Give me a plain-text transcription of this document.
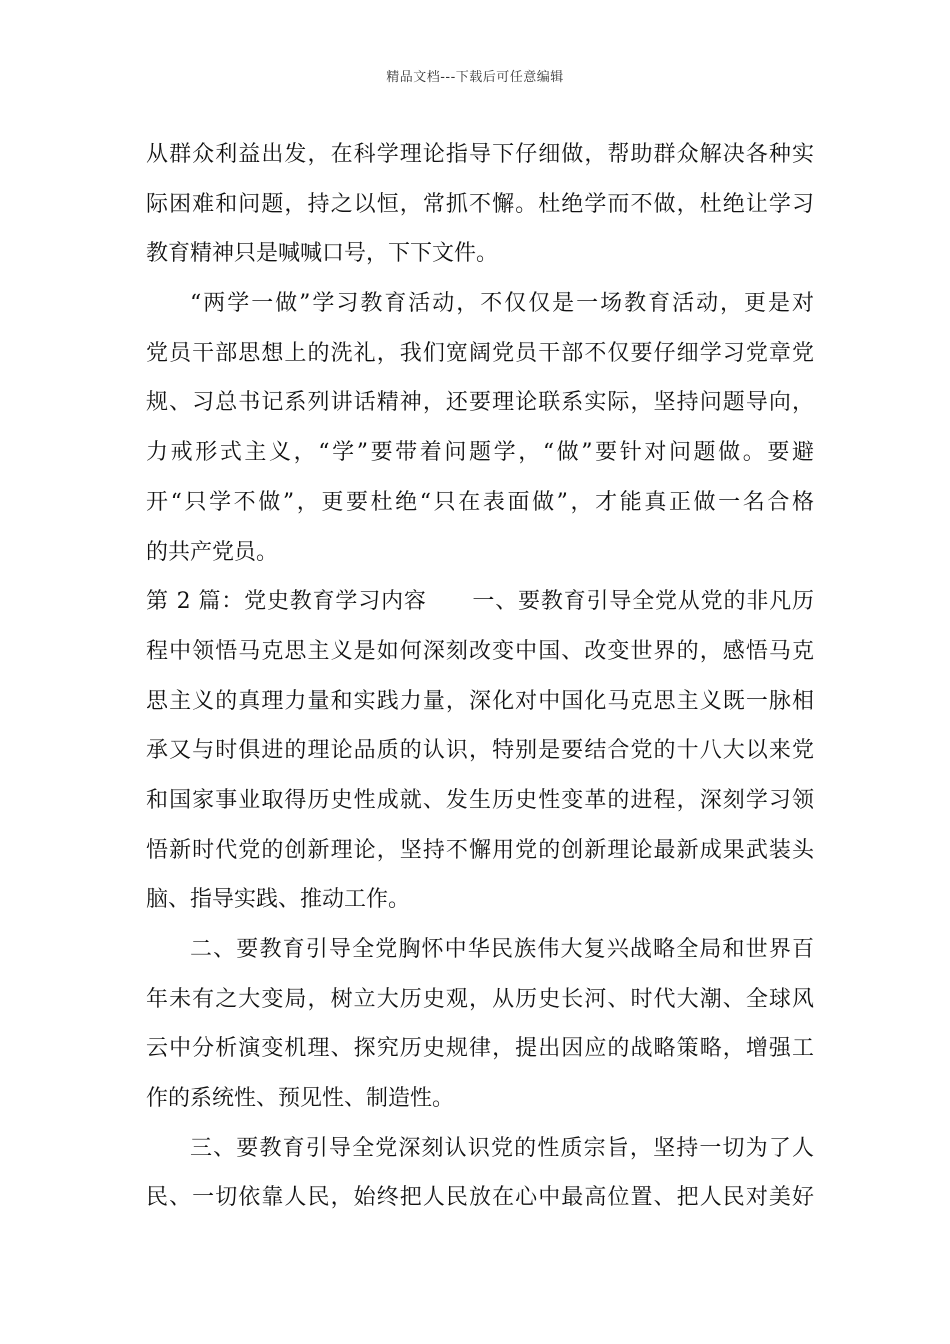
精品文档---下载后可任意编辑
从群众利益出发，在科学理论指导下仔细做，帮助群众解决各种实
际困难和问题，持之以恒，常抓不懈。杜绝学而不做，杜绝让学习
教育精神只是喊喊口号，下下文件。
“两学一做”学习教育活动，不仅仅是一场教育活动，更是对
党员干部思想上的洗礼，我们宽阔党员干部不仅要仔细学习党章党
规、习总书记系列讲话精神，还要理论联系实际，坚持问题导向，
力戒形式主义，“学”要带着问题学，“做”要针对问题做。要避
开“只学不做”，更要杜绝“只在表面做”，才能真正做一名合格
的共产党员。
第 2 篇：党史教育学习内容　　一、要教育引导全党从党的非凡历
程中领悟马克思主义是如何深刻改变中国、改变世界的，感悟马克
思主义的真理力量和实践力量，深化对中国化马克思主义既一脉相
承又与时俱进的理论品质的认识，特别是要结合党的十八大以来党
和国家事业取得历史性成就、发生历史性变革的进程，深刻学习领
悟新时代党的创新理论，坚持不懈用党的创新理论最新成果武装头
脑、指导实践、推动工作。
二、要教育引导全党胸怀中华民族伟大复兴战略全局和世界百
年未有之大变局，树立大历史观，从历史长河、时代大潮、全球风
云中分析演变机理、探究历史规律，提出因应的战略策略，增强工
作的系统性、预见性、制造性。
三、要教育引导全党深刻认识党的性质宗旨，坚持一切为了人
民、一切依靠人民，始终把人民放在心中最高位置、把人民对美好
